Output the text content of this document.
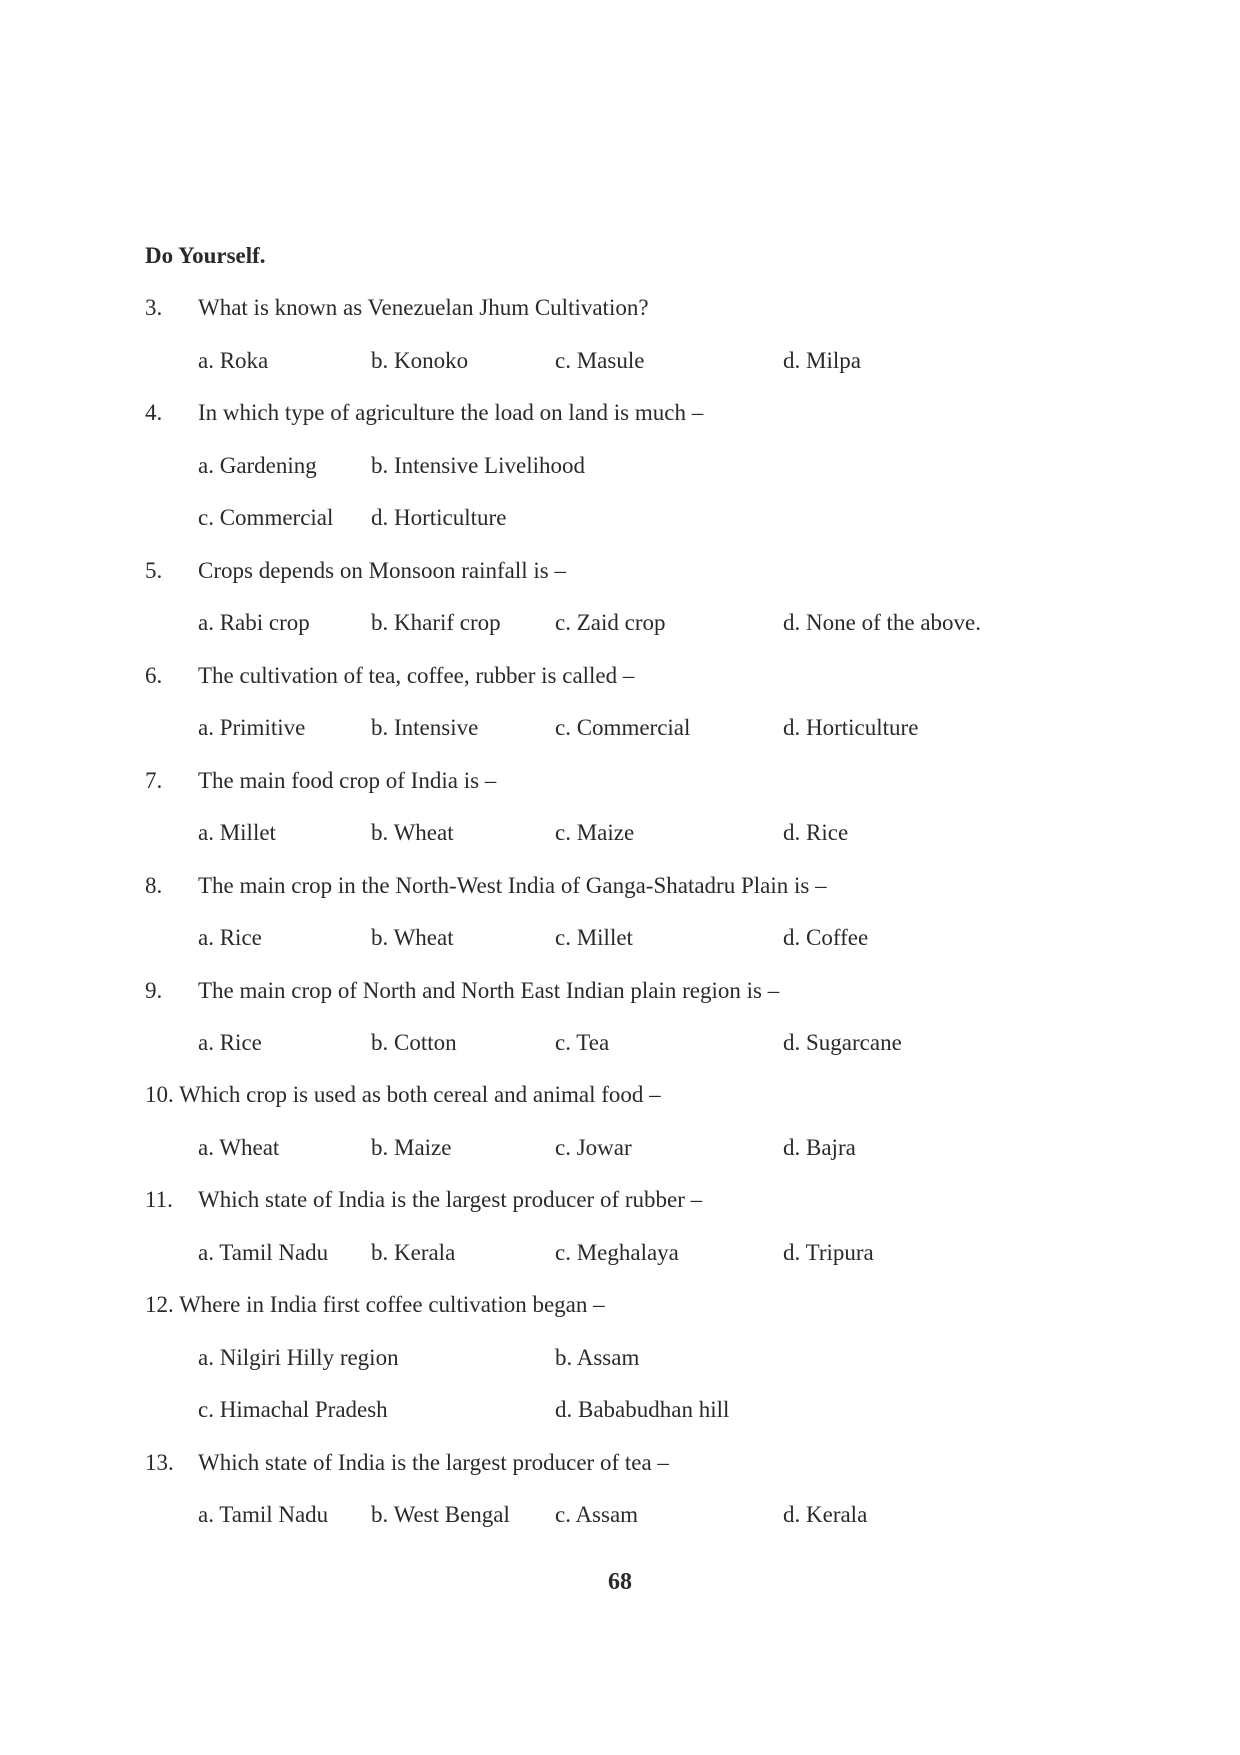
Do Yourself.
3. What is known as Venezuelan Jhum Cultivation?
a. Roka	b. Konoko	c. Masule	d. Milpa
4. In which type of agriculture the load on land is much –
a. Gardening b. Intensive Livelihood
c. Commercial d. Horticulture
5. Crops depends on Monsoon rainfall is –
a. Rabi crop	b. Kharif crop c. Zaid crop	d. None of the above.
6. The cultivation of tea, coffee, rubber is called –
a. Primitive	b. Intensive	c. Commercial	d. Horticulture
7. The main food crop of India is –
a. Millet	b. Wheat	c. Maize	d. Rice
8. The main crop in the North-West India of Ganga-Shatadru Plain is –
a. Rice	b. Wheat	c. Millet	d. Coffee
9. The main crop of North and North East Indian plain region is –
a. Rice	b. Cotton	c. Tea	d. Sugarcane
10. Which crop is used as both cereal and animal food –
a. Wheat	b. Maize	c. Jowar	d. Bajra
11. Which state of India is the largest producer of rubber –
a. Tamil Nadu b. Kerala	c. Meghalaya	d. Tripura
12. Where in India first coffee cultivation began –
a. Nilgiri Hilly region	b. Assam
c. Himachal Pradesh	d. Bababudhan hill
13. Which state of India is the largest producer of tea –
a. Tamil Nadu b. West Bengal c. Assam	d. Kerala
68
